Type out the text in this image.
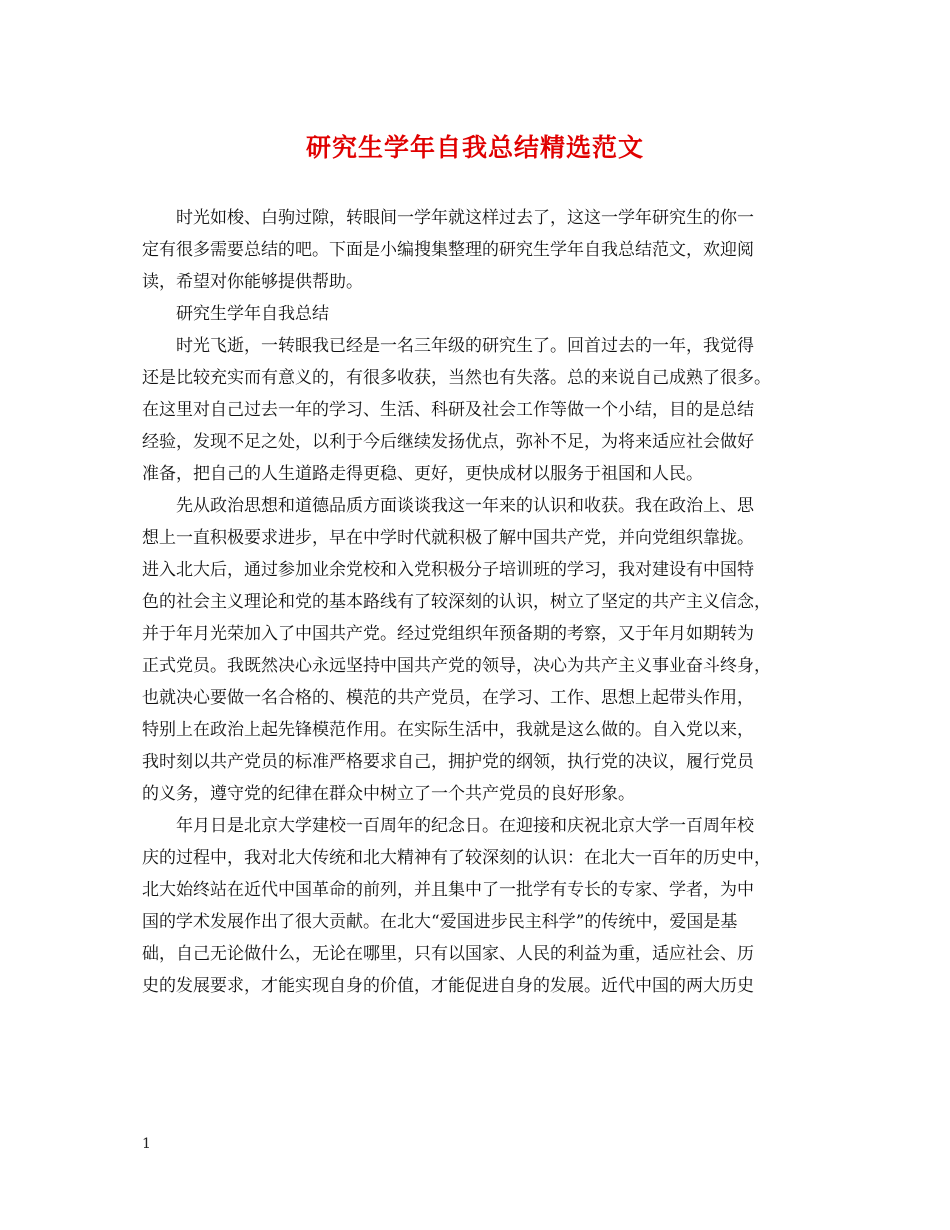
研究生学年自我总结精选范文
时光如梭、白驹过隙，转眼间一学年就这样过去了，这这一学年研究生的你一
定有很多需要总结的吧。下面是小编搜集整理的研究生学年自我总结范文，欢迎阅
读，希望对你能够提供帮助。
研究生学年自我总结
时光飞逝，一转眼我已经是一名三年级的研究生了。回首过去的一年，我觉得
还是比较充实而有意义的，有很多收获，当然也有失落。总的来说自己成熟了很多。
在这里对自己过去一年的学习、生活、科研及社会工作等做一个小结，目的是总结
经验，发现不足之处，以利于今后继续发扬优点，弥补不足，为将来适应社会做好
准备，把自己的人生道路走得更稳、更好，更快成材以服务于祖国和人民。
先从政治思想和道德品质方面谈谈我这一年来的认识和收获。我在政治上、思
想上一直积极要求进步，早在中学时代就积极了解中国共产党，并向党组织靠拢。
进入北大后，通过参加业余党校和入党积极分子培训班的学习，我对建设有中国特
色的社会主义理论和党的基本路线有了较深刻的认识，树立了坚定的共产主义信念，
并于年月光荣加入了中国共产党。经过党组织年预备期的考察，又于年月如期转为
正式党员。我既然决心永远坚持中国共产党的领导，决心为共产主义事业奋斗终身，
也就决心要做一名合格的、模范的共产党员，在学习、工作、思想上起带头作用，
特别上在政治上起先锋模范作用。在实际生活中，我就是这么做的。自入党以来，
我时刻以共产党员的标准严格要求自己，拥护党的纲领，执行党的决议，履行党员
的义务，遵守党的纪律在群众中树立了一个共产党员的良好形象。
年月日是北京大学建校一百周年的纪念日。在迎接和庆祝北京大学一百周年校
庆的过程中，我对北大传统和北大精神有了较深刻的认识：在北大一百年的历史中，
北大始终站在近代中国革命的前列，并且集中了一批学有专长的专家、学者，为中
国的学术发展作出了很大贡献。在北大“爱国进步民主科学”的传统中，爱国是基
础，自己无论做什么，无论在哪里，只有以国家、人民的利益为重，适应社会、历
史的发展要求，才能实现自身的价值，才能促进自身的发展。近代中国的两大历史
1
